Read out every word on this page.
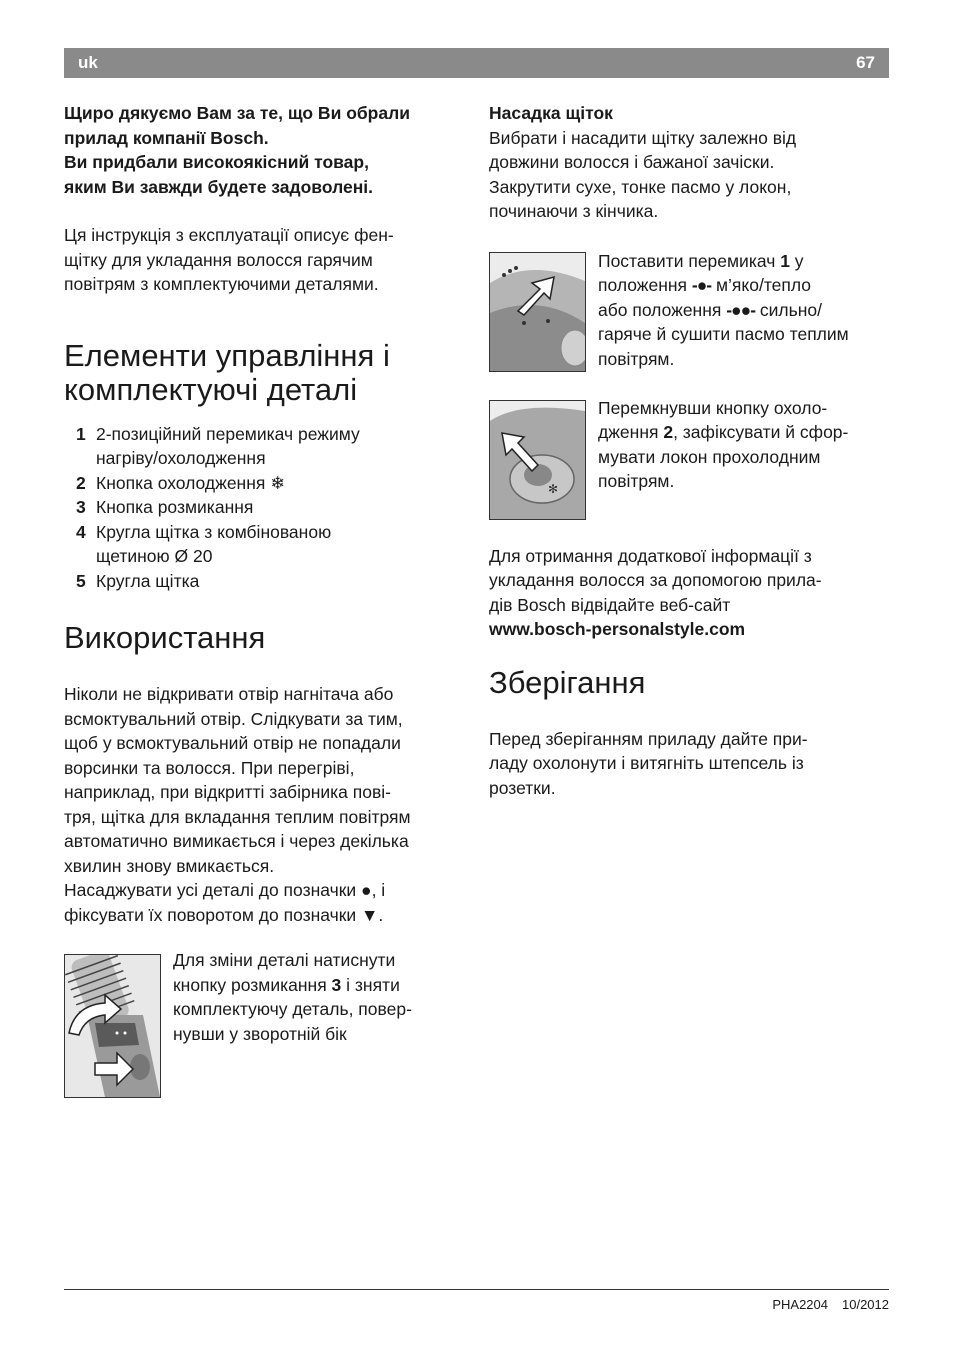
uk	67

Щиро дякуємо Вам за те, що Ви обрали
прилад компанії Bosch.
Ви придбали високоякісний товар,
яким Ви завжди будете задоволені.

Ця інструкція з експлуатації описує фен-
щітку для укладання волосся гарячим
повітрям з комплектуючими деталями.

Елементи управління і
комплектуючі деталі
1 2-позиційний перемикач режиму
нагріву/охолодження
2 Кнопка охолодження ❄
3 Кнопка розмикання
4 Кругла щітка з комбінованою
щетиною Ø 20
5 Кругла щітка
Використання

Ніколи не відкривати отвір нагнітача або
всмоктувальний отвір. Слідкувати за тим,
щоб у всмоктувальний отвір не попадали
ворсинки та волосся. При перегріві,
наприклад, при відкритті забірника пові-
тря, щітка для вкладання теплим повітрям
автоматично вимикається і через декілька
хвилин знову вмикається.
Насаджувати усі деталі до позначки ●, і
фіксувати їх поворотом до позначки ▼.

Для зміни деталі натиснути
кнопку розмикання 3 і зняти
комплектуючу деталь, повер-
нувши у зворотній бік

Насадка щіток
Вибрати і насадити щітку залежно від
довжини волосся і бажаної зачіски.
Закрутити сухе, тонке пасмо у локон,
починаючи з кінчика.

Поставити перемикач 1 у
положення -●- м’яко/тепло
або положення -●●- сильно/
гаряче й сушити пасмо теплим
повітрям.
✻
Перемкнувши кнопку охоло-
дження 2, зафіксувати й сфор-
мувати локон прохолодним
повітрям.

Для отримання додаткової інформації з
укладання волосся за допомогою прила-
дів Bosch відвідайте веб-сайт
www.bosch-personalstyle.com

Зберігання

Перед зберіганням приладу дайте при-
ладу охолонути і витягніть штепсель із
розетки.

PHA2204 10/2012
